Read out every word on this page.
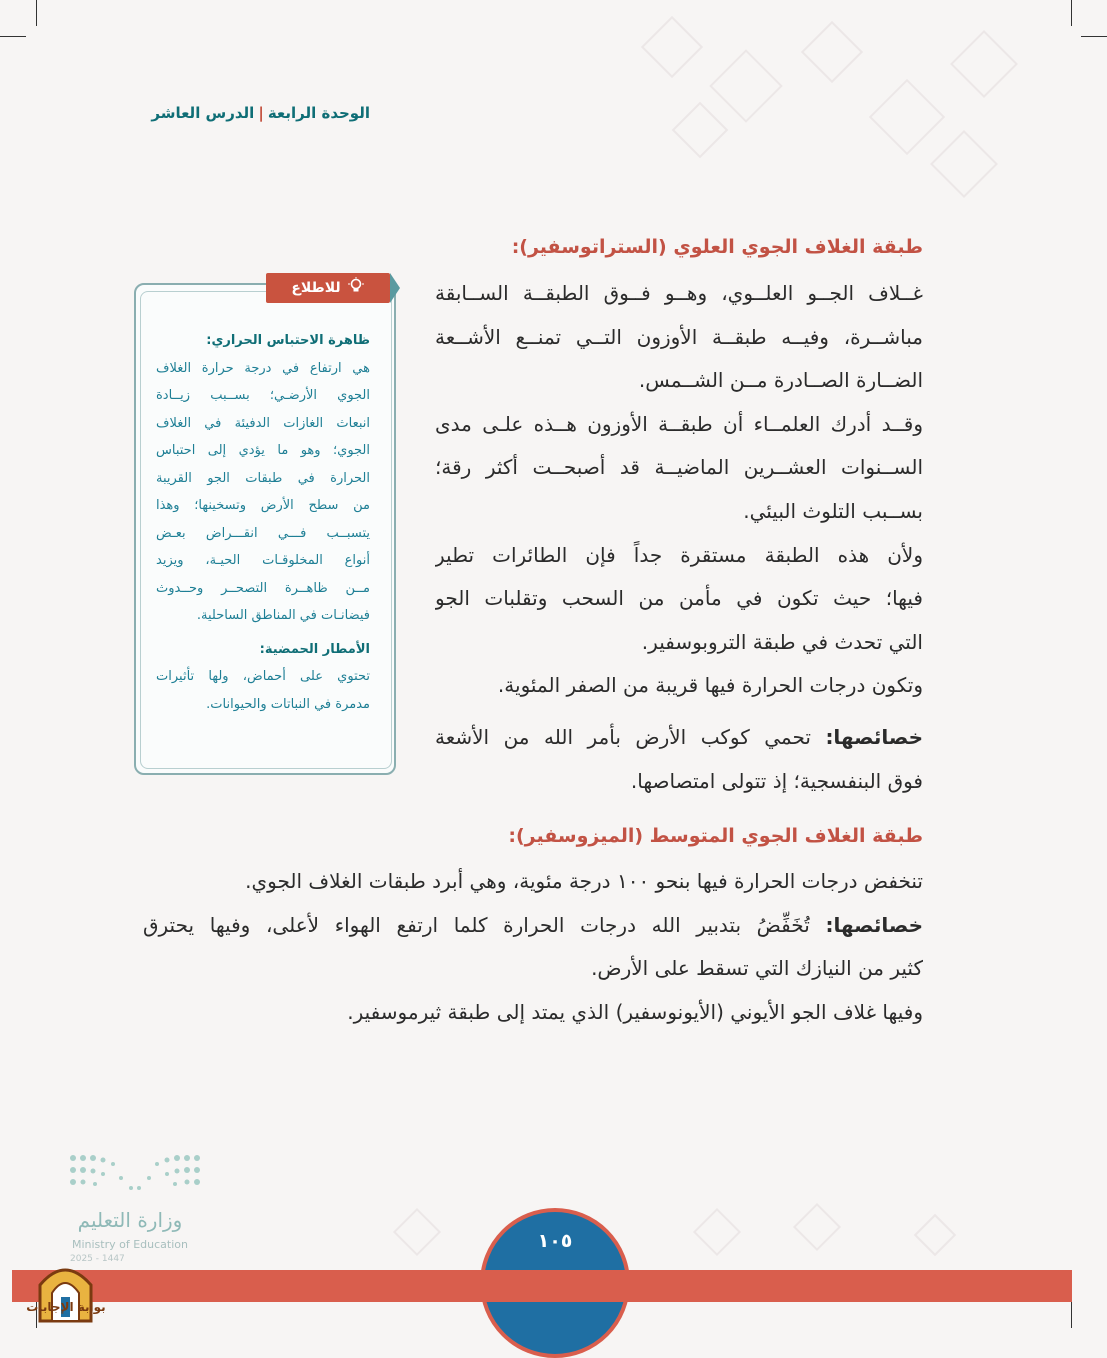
الوحدة الرابعة|الدرس العاشر
طبقة الغلاف الجوي العلوي (الستراتوسفير):
غــلاف الجــو العلــوي، وهــو فــوق الطبقــة الســابقة
مباشــرة، وفيــه طبقــة الأوزون التــي تمنــع الأشــعة
الضــارة الصــادرة مــن الشــمس.
وقــد أدرك العلمــاء أن طبقــة الأوزون هــذه علـى مدى
الســنوات العشــرين الماضيــة قد أصبحــت أكثر رقة؛
بســبب التلوث البيئي.
ولأن هذه الطبقة مستقرة جداً فإن الطائرات تطير
فيها؛ حيث تكون في مأمن من السحب وتقلبات الجو
التي تحدث في طبقة التروبوسفير.
وتكون درجات الحرارة فيها قريبة من الصفر المئوية.
خصائصها: تحمي كوكب الأرض بأمر الله من الأشعة
فوق البنفسجية؛ إذ تتولى امتصاصها.
طبقة الغلاف الجوي المتوسط (الميزوسفير):
تنخفض درجات الحرارة فيها بنحو ١٠٠ درجة مئوية، وهي أبرد طبقات الغلاف الجوي.
خصائصها: تُخَفِّضُ بتدبير الله درجات الحرارة كلما ارتفع الهواء لأعلى، وفيها يحترق
كثير من النيازك التي تسقط على الأرض.
وفيها غلاف الجو الأيوني (الأيونوسفير) الذي يمتد إلى طبقة ثيرموسفير.
للاطلاع
ظاهرة الاحتباس الحراري:
هي ارتفاع في درجة حرارة الغلاف
الجوي الأرضـي؛ بســبب زيــادة
انبعاث الغازات الدفيئة في الغلاف
الجوي؛ وهو ما يؤدي إلى احتباس
الحرارة في طبقات الجو القريبة
من سطح الأرض وتسخينها؛ وهذا
يتسبــب فـــي انقـــراض بعـض
أنواع المخلوقـات الحيـة، ويزيد
مــن ظاهــرة التصحــر وحــدوث
فيضانـات في المناطق الساحلية.
الأمطار الحمضية:
تحتوي على أحماض، ولها تأثيرات
مدمرة في النباتات والحيوانات.
وزارة التعليم
Ministry of Education
2025 - 1447
١٠٥
بوابة الإجابات
